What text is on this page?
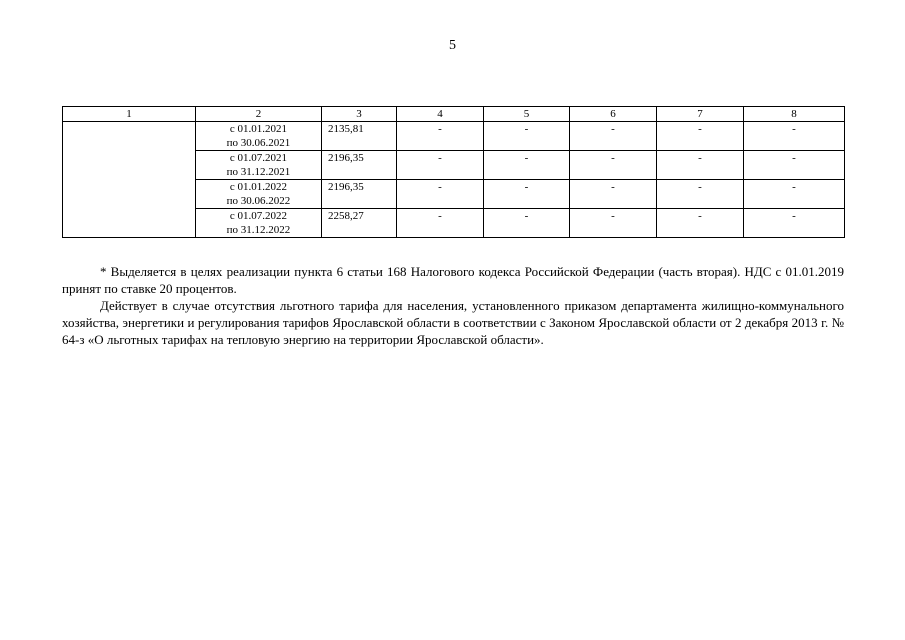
5
1	2	3	4	5	6	7	8

	с 01.01.2021
по 30.06.2021	2135,81	-	-	-	-	-

	с 01.07.2021
по 31.12.2021	2196,35	-	-	-	-	-

	с 01.01.2022
по 30.06.2022	2196,35	-	-	-	-	-

	с 01.07.2022
по 31.12.2022	2258,27	-	-	-	-	-

* Выделяется в целях реализации пункта 6 статьи 168 Налогового кодекса Российской Федерации (часть вторая). НДС с 01.01.2019 принят по ставке 20 процентов.

Действует в случае отсутствия льготного тарифа для населения, установленного приказом департамента жилищно-коммунального хозяйства, энергетики и регулирования тарифов Ярославской области в соответствии с Законом Ярославской области от 2 декабря 2013 г. № 64-з «О льготных тарифах на тепловую энергию на территории Ярославской области».
